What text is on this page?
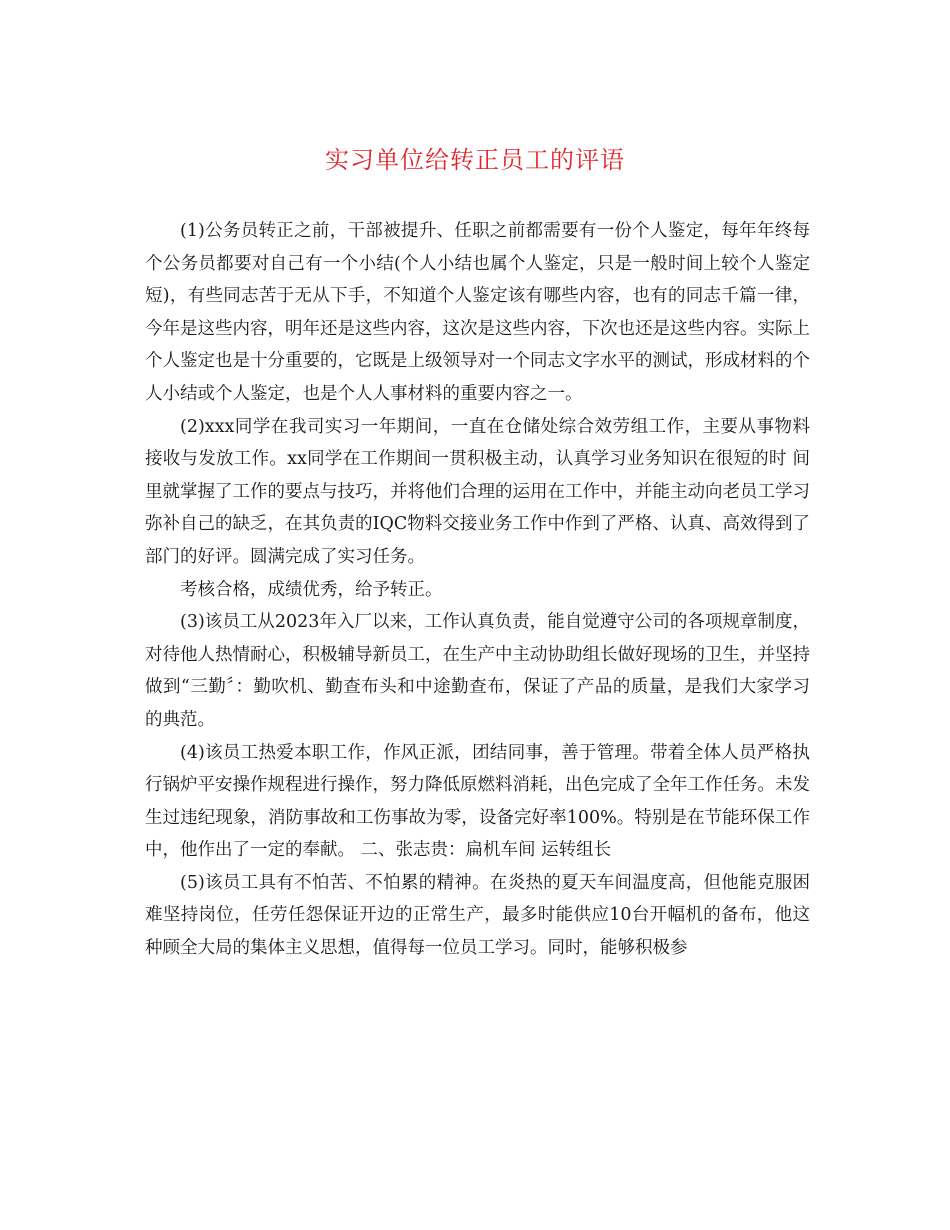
实习单位给转正员工的评语

(1)公务员转正之前，干部被提升、任职之前都需要有一份个人鉴定，每年年终每个公务员都要对自己有一个小结(个人小结也属个人鉴定，只是一般时间上较个人鉴定短)，有些同志苦于无从下手，不知道个人鉴定该有哪些内容，也有的同志千篇一律，今年是这些内容，明年还是这些内容，这次是这些内容，下次也还是这些内容。实际上个人鉴定也是十分重要的，它既是上级领导对一个同志文字水平的测试，形成材料的个人小结或个人鉴定，也是个人人事材料的重要内容之一。

(2)xxx同学在我司实习一年期间，一直在仓储处综合效劳组工作，主要从事物料接收与发放工作。xx同学在工作期间一贯积极主动，认真学习业务知识在很短的时 间里就掌握了工作的要点与技巧，并将他们合理的运用在工作中，并能主动向老员工学习弥补自己的缺乏，在其负责的IQC物料交接业务工作中作到了严格、认真、高效得到了部门的好评。圆满完成了实习任务。

考核合格，成绩优秀，给予转正。

(3)该员工从2023年入厂以来，工作认真负责，能自觉遵守公司的各项规章制度，对待他人热情耐心，积极辅导新员工，在生产中主动协助组长做好现场的卫生，并坚持做到“三勤〞：勤吹机、勤查布头和中途勤查布，保证了产品的质量，是我们大家学习的典范。

(4)该员工热爱本职工作，作风正派，团结同事，善于管理。带着全体人员严格执行锅炉平安操作规程进行操作，努力降低原燃料消耗，出色完成了全年工作任务。未发生过违纪现象，消防事故和工伤事故为零，设备完好率100%。特别是在节能环保工作中，他作出了一定的奉献。 二、张志贵：扁机车间 运转组长

(5)该员工具有不怕苦、不怕累的精神。在炎热的夏天车间温度高，但他能克服困难坚持岗位，任劳任怨保证开边的正常生产，最多时能供应10台开幅机的备布，他这种顾全大局的集体主义思想，值得每一位员工学习。同时，能够积极参
